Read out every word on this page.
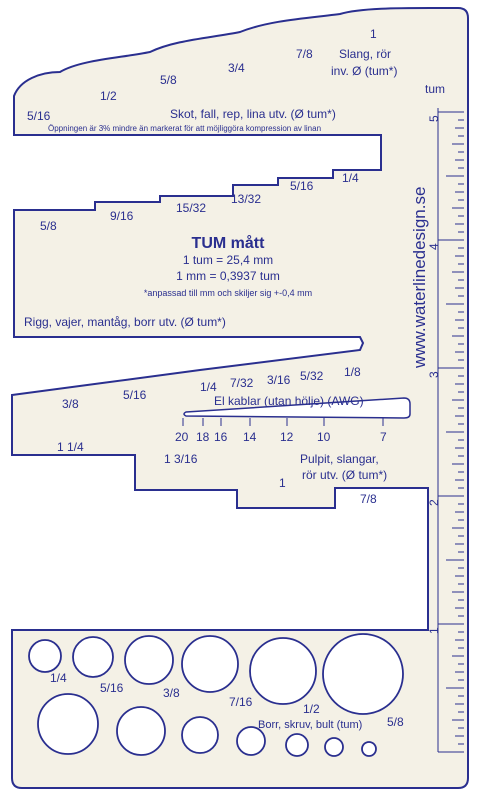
5
4
3
2
1
Slang, rör
inv. Ø (tum*)
1
7/8
3/4
5/8
1/2
5/16	Skot, fall, rep, lina utv. (Ø tum*)
Öppningen är 3% mindre än markerat för att möjliggöra kompression av linan
1/4
5/16
13/32
15/32
9/16
5/8
TUM mått
1 tum = 25,4 mm
1 mm = 0,3937 tum
*anpassad till mm och skiljer sig +-0,4 mm
Rigg, vajer, mantåg, borr utv. (Ø tum*)
1/8
5/32
3/16
7/32
1/4
5/16
3/8	El kablar (utan hölje) (AWG)
20 18 16 14 12 10	7
Pulpit, slangar,
rör utv. (Ø tum*)
1 1/4
1 3/16
1
7/8
1/4
5/16	3/8
7/16	1/2
5/8
Borr, skruv, bult (tum)
tum
www.waterlinedesign.se
